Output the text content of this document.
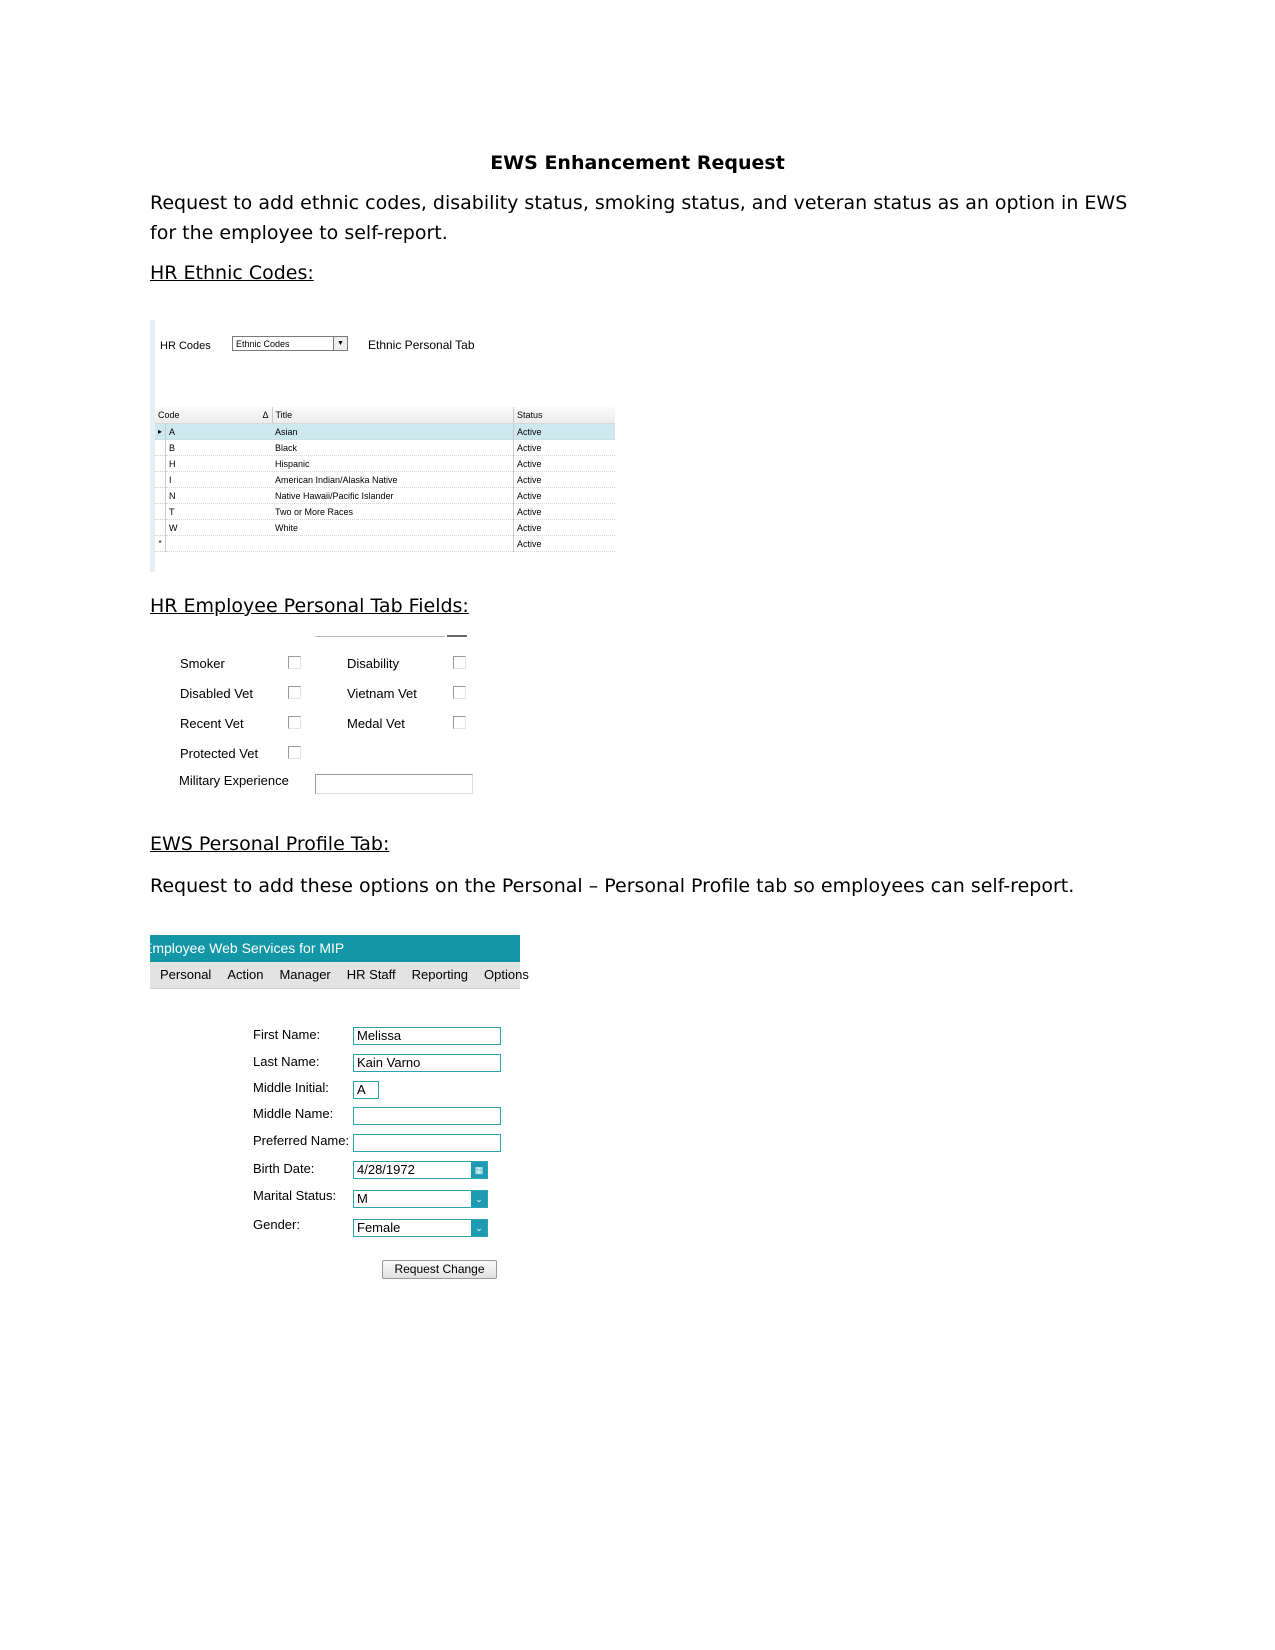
EWS Enhancement Request
Request to add ethnic codes, disability status, smoking status, and veteran status as an option in EWS for the employee to self-report.
HR Ethnic Codes:
HR Codes	Ethnic Codes	▼ Ethnic Personal Tab
Code Δ		Title	Status
▸	A	Asian	Active
	B	Black	Active
	H	Hispanic	Active
	I	American Indian/Alaska Native	Active
	N	Native Hawaii/Pacific Islander	Active
	T	Two or More Races	Active
	W	White	Active
*			Active
HR Employee Personal Tab Fields:
Smoker	Disability
Disabled Vet	Vietnam Vet
Recent Vet	Medal Vet
Protected Vet
Military Experience
EWS Personal Profile Tab:
Request to add these options on the Personal – Personal Profile tab so employees can self-report.
Employee Web Services for MIP
Personal Action Manager HR Staff Reporting Options
First Name:	Melissa
Last Name:	Kain Varno
Middle Initial:	A
Middle Name:
Preferred Name:
Birth Date:	4/28/1972	▦
Marital Status:	M	⌄
Gender:	Female	⌄
Request Change
